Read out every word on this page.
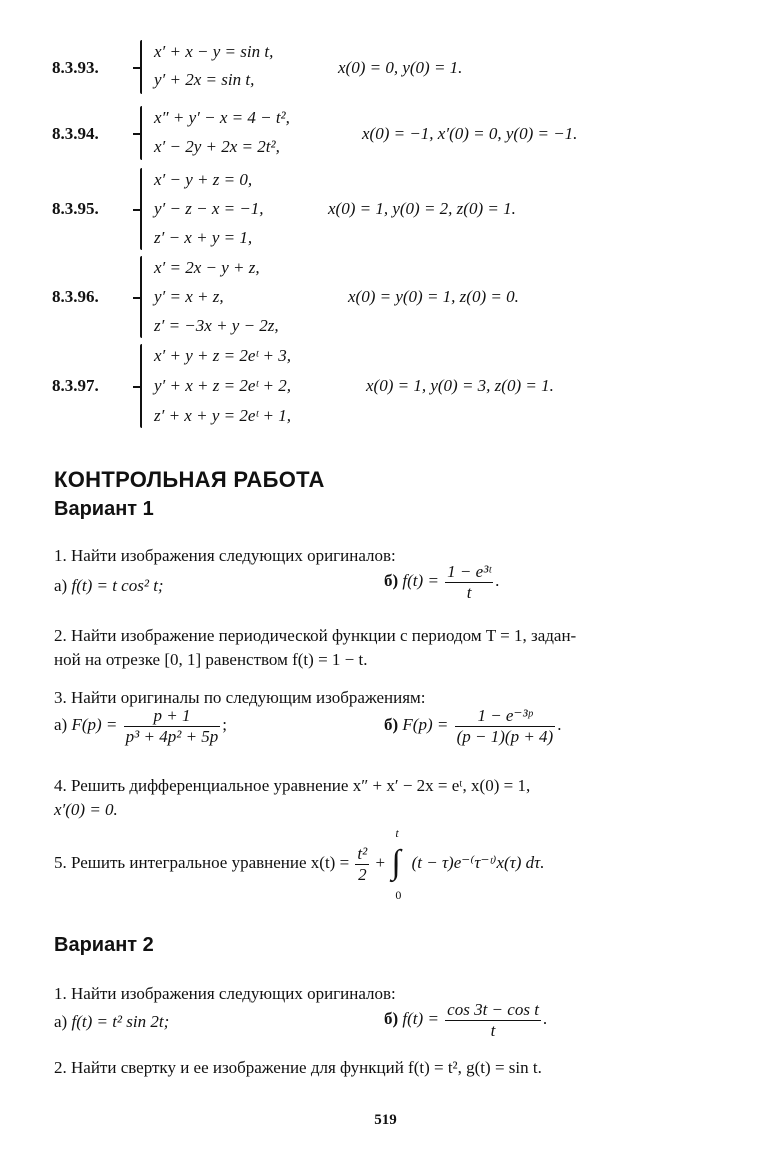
8.3.93.
x′ + x − y = sin t,
y′ + 2x = sin t,
x(0) = 0, y(0) = 1.
8.3.94.
x″ + y′ − x = 4 − t²,
x′ − 2y + 2x = 2t²,
x(0) = −1, x′(0) = 0, y(0) = −1.
8.3.95.
x′ − y + z = 0,
y′ − z − x = −1,
z′ − x + y = 1,
x(0) = 1, y(0) = 2, z(0) = 1.
8.3.96.
x′ = 2x − y + z,
y′ = x + z,
z′ = −3x + y − 2z,
x(0) = y(0) = 1, z(0) = 0.
8.3.97.
x′ + y + z = 2eᵗ + 3,
y′ + x + z = 2eᵗ + 2,
z′ + x + y = 2eᵗ + 1,
x(0) = 1, y(0) = 3, z(0) = 1.
КОНТРОЛЬНАЯ РАБОТА
Вариант 1
1. Найти изображения следующих оригиналов:
а) f(t) = t cos² t;	б) $f(t) = \frac{\text{1 − e³ᵗ}}{t}$ .
2. Найти изображение периодической функции с периодом T = 1, задан-
ной на отрезке [0, 1] равенством f(t) = 1 − t.
3. Найти оригиналы по следующим изображениям:
а) $F(p) = \frac{p + 1}{\text{p³ + 4p² + 5p}}$ ;	б) $F(p) = \frac{\text{1 − e⁻³ᵖ}}{(p - 1)(p + 4)}$ .
4. Решить дифференциальное уравнение x″ + x′ − 2x = eᵗ, x(0) = 1,
x′(0) = 0.
5. Решить интегральное уравнение $x(t) = \frac{\text{t²}}{2}$ +
t
∫
0
(t − τ)e⁻⁽τ⁻ᵗ⁾x(τ) dτ.
Вариант 2
1. Найти изображения следующих оригиналов:
а) f(t) = t² sin 2t;	б) $f(t) = \frac{\text{cos 3t − cos t}}{t}$ .
2. Найти свертку и ее изображение для функций f(t) = t², g(t) = sin t.
519
